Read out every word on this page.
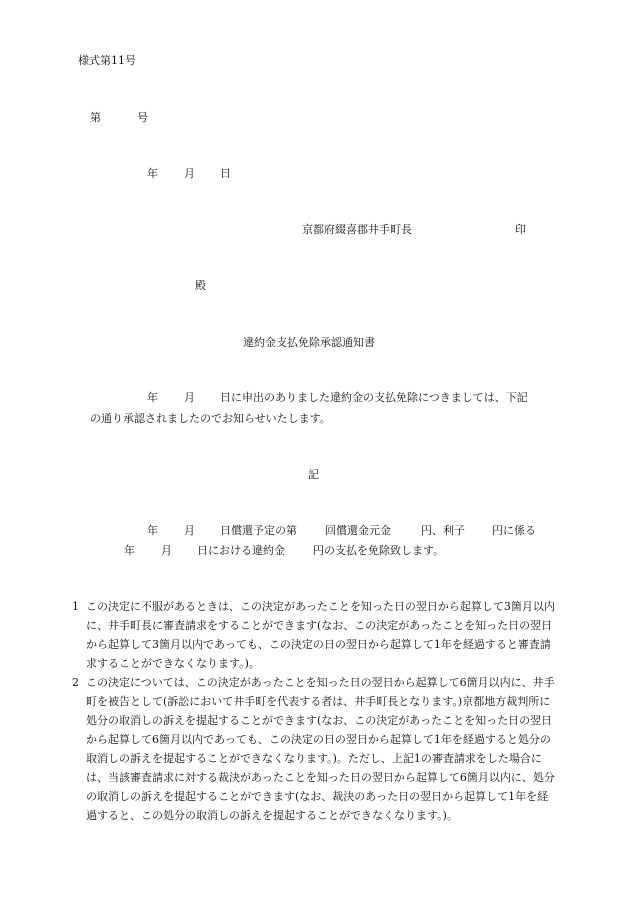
様式第11号
第	号
年 月 日
京都府綴喜郡井手町長	印
殿
違約金支払免除承認通知書
年 月 日に申出のありました違約金の支払免除につきましては、下記
の通り承認されましたのでお知らせいたします。
記
年 月 日償還予定の第	回償還金元金	円、利子 円に係る
年 月 日における違約金	円の支払を免除致します。
1 この決定に不服があるときは、この決定があったことを知った日の翌日から起算して3箇月以内に、井手町長に審査請求をすることができます(なお、この決定があったことを知った日の翌日から起算して3箇月以内であっても、この決定の日の翌日から起算して1年を経過すると審査請求することができなくなります。)。
2 この決定については、この決定があったことを知った日の翌日から起算して6箇月以内に、井手町を被告として(訴訟において井手町を代表する者は、井手町長となります。)京都地方裁判所に処分の取消しの訴えを提起することができます(なお、この決定があったことを知った日の翌日から起算して6箇月以内であっても、この決定の日の翌日から起算して1年を経過すると処分の取消しの訴えを提起することができなくなります。)。ただし、上記1の審査請求をした場合には、当該審査請求に対する裁決があったことを知った日の翌日から起算して6箇月以内に、処分の取消しの訴えを提起することができます(なお、裁決のあった日の翌日から起算して1年を経過すると、この処分の取消しの訴えを提起することができなくなります。)。
